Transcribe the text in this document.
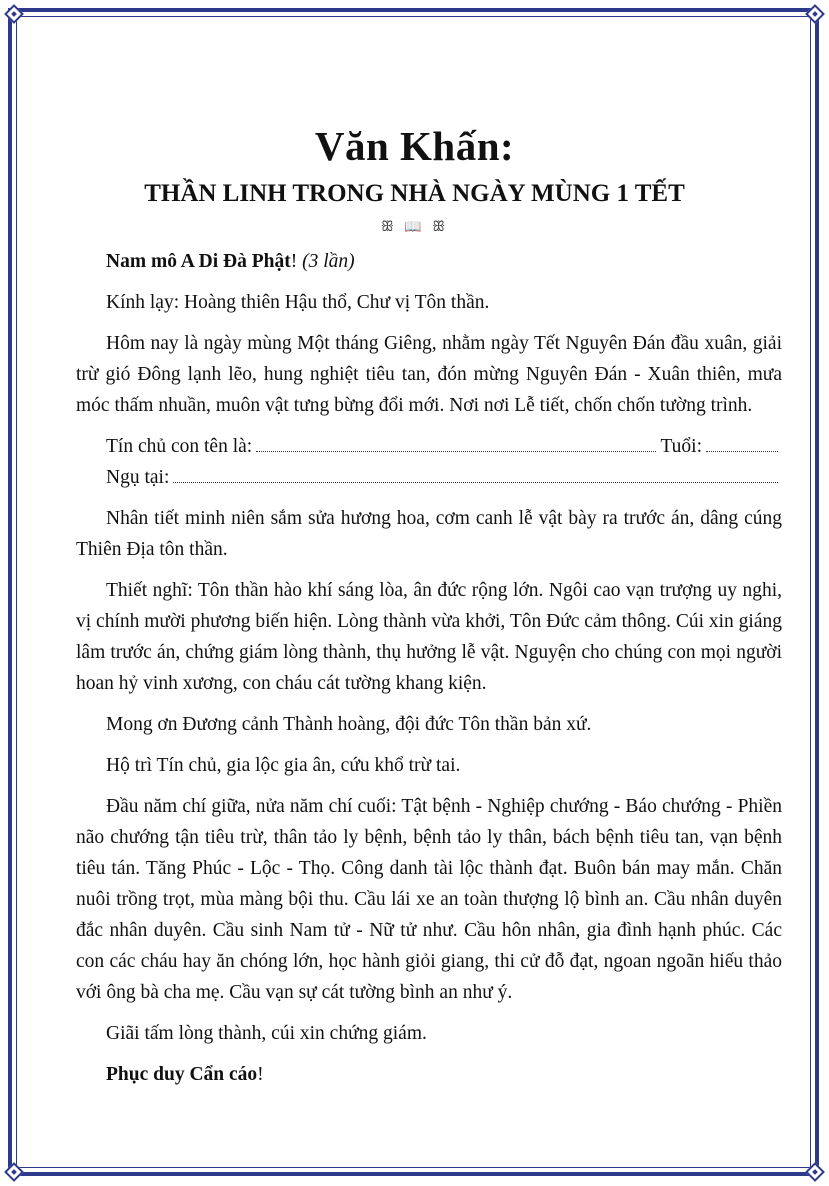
Văn Khấn:
THẦN LINH TRONG NHÀ NGÀY MÙNG 1 TẾT
ꕥ 📖 ꕥ

Nam mô A Di Đà Phật! (3 lần)

Kính lạy: Hoàng thiên Hậu thổ, Chư vị Tôn thần.

Hôm nay là ngày mùng Một tháng Giêng, nhằm ngày Tết Nguyên Đán đầu xuân, giải trừ gió Đông lạnh lẽo, hung nghiệt tiêu tan, đón mừng Nguyên Đán - Xuân thiên, mưa móc thấm nhuần, muôn vật tưng bừng đổi mới. Nơi nơi Lễ tiết, chốn chốn tường trình.

Tín chủ con tên là:	Tuổi:
Ngụ tại:

Nhân tiết minh niên sắm sửa hương hoa, cơm canh lễ vật bày ra trước án, dâng cúng Thiên Địa tôn thần.

Thiết nghĩ: Tôn thần hào khí sáng lòa, ân đức rộng lớn. Ngôi cao vạn trượng uy nghi, vị chính mười phương biến hiện. Lòng thành vừa khởi, Tôn Đức cảm thông. Cúi xin giáng lâm trước án, chứng giám lòng thành, thụ hưởng lễ vật. Nguyện cho chúng con mọi người hoan hỷ vinh xương, con cháu cát tường khang kiện.

Mong ơn Đương cảnh Thành hoàng, đội đức Tôn thần bản xứ.

Hộ trì Tín chủ, gia lộc gia ân, cứu khổ trừ tai.

Đầu năm chí giữa, nửa năm chí cuối: Tật bệnh - Nghiệp chướng - Báo chướng - Phiền não chướng tận tiêu trừ, thân tảo ly bệnh, bệnh tảo ly thân, bách bệnh tiêu tan, vạn bệnh tiêu tán. Tăng Phúc - Lộc - Thọ. Công danh tài lộc thành đạt. Buôn bán may mắn. Chăn nuôi trồng trọt, mùa màng bội thu. Cầu lái xe an toàn thượng lộ bình an. Cầu nhân duyên đắc nhân duyên. Cầu sinh Nam tử - Nữ tử như. Cầu hôn nhân, gia đình hạnh phúc. Các con các cháu hay ăn chóng lớn, học hành giỏi giang, thi cử đỗ đạt, ngoan ngoãn hiếu thảo với ông bà cha mẹ. Cầu vạn sự cát tường bình an như ý.

Giãi tấm lòng thành, cúi xin chứng giám.

Phục duy Cẩn cáo!
